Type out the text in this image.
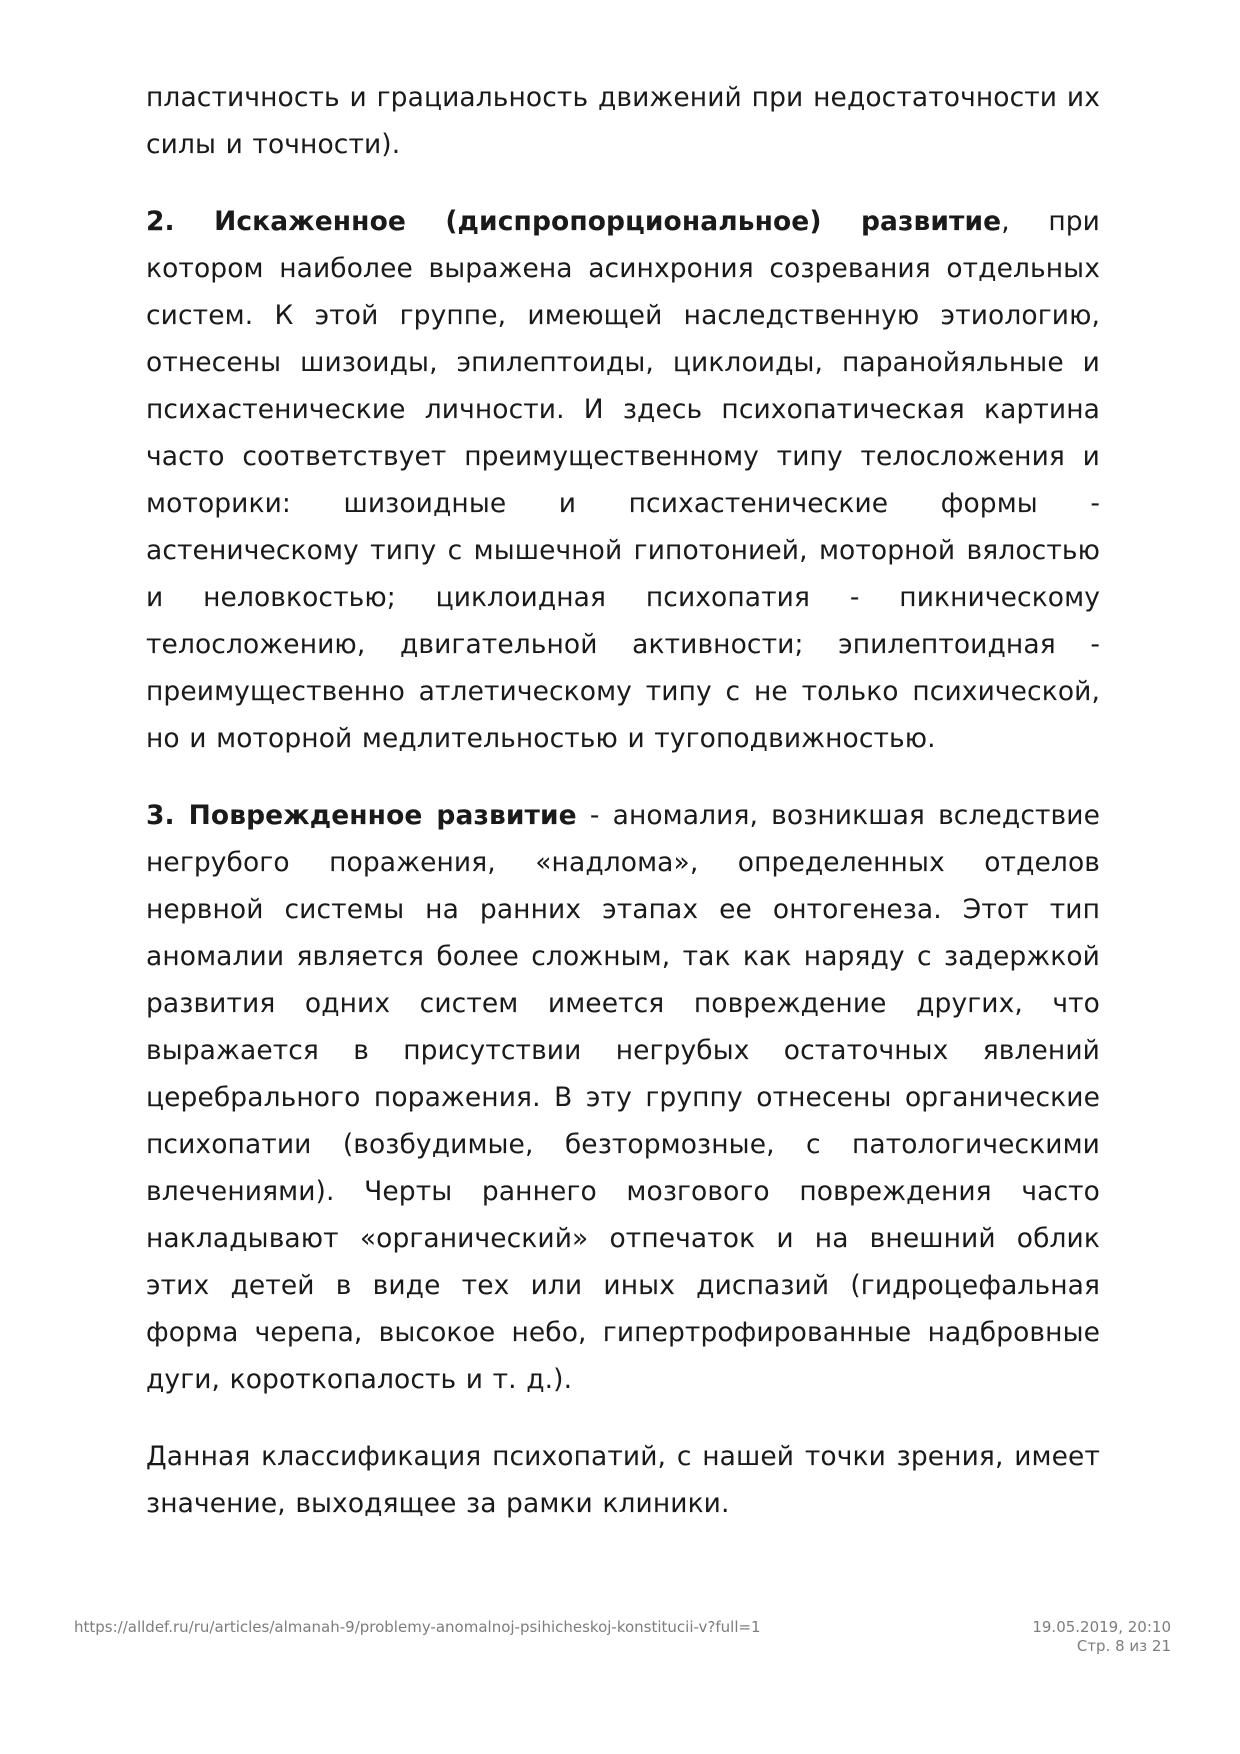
пластичность и грациальность движений при недостаточности их силы и точности).

2. Искаженное (диспропорциональное) развитие, при котором наиболее выражена асинхрония созревания отдельных систем. К этой группе, имеющей наследственную этиологию, отнесены шизоиды, эпилептоиды, циклоиды, паранойяльные и психастенические личности. И здесь психопатическая картина часто соответствует преимущественному типу телосложения и моторики: шизоидные и психастенические формы - астеническому типу с мышечной гипотонией, моторной вялостью и неловкостью; циклоидная психопатия - пикническому телосложению, двигательной активности; эпилептоидная - преимущественно атлетическому типу с не только психической, но и моторной медлительностью и тугоподвижностью.

3. Поврежденное развитие - аномалия, возникшая вследствие негрубого поражения, «надлома», определенных отделов нервной системы на ранних этапах ее онтогенеза. Этот тип аномалии является более сложным, так как наряду с задержкой развития одних систем имеется повреждение других, что выражается в присутствии негрубых остаточных явлений церебрального поражения. В эту группу отнесены органические психопатии (возбудимые, безтормозные, с патологическими влечениями). Черты раннего мозгового повреждения часто накладывают «органический» отпечаток и на внешний облик этих детей в виде тех или иных диспазий (гидроцефальная форма черепа, высокое небо, гипертрофированные надбровные дуги, короткопалость и т. д.).

Данная классификация психопатий, с нашей точки зрения, имеет значение, выходящее за рамки клиники.

https://alldef.ru/ru/articles/almanah-9/problemy-anomalnoj-psihicheskoj-konstitucii-v?full=1	19.05.2019, 20:10
Стр. 8 из 21
